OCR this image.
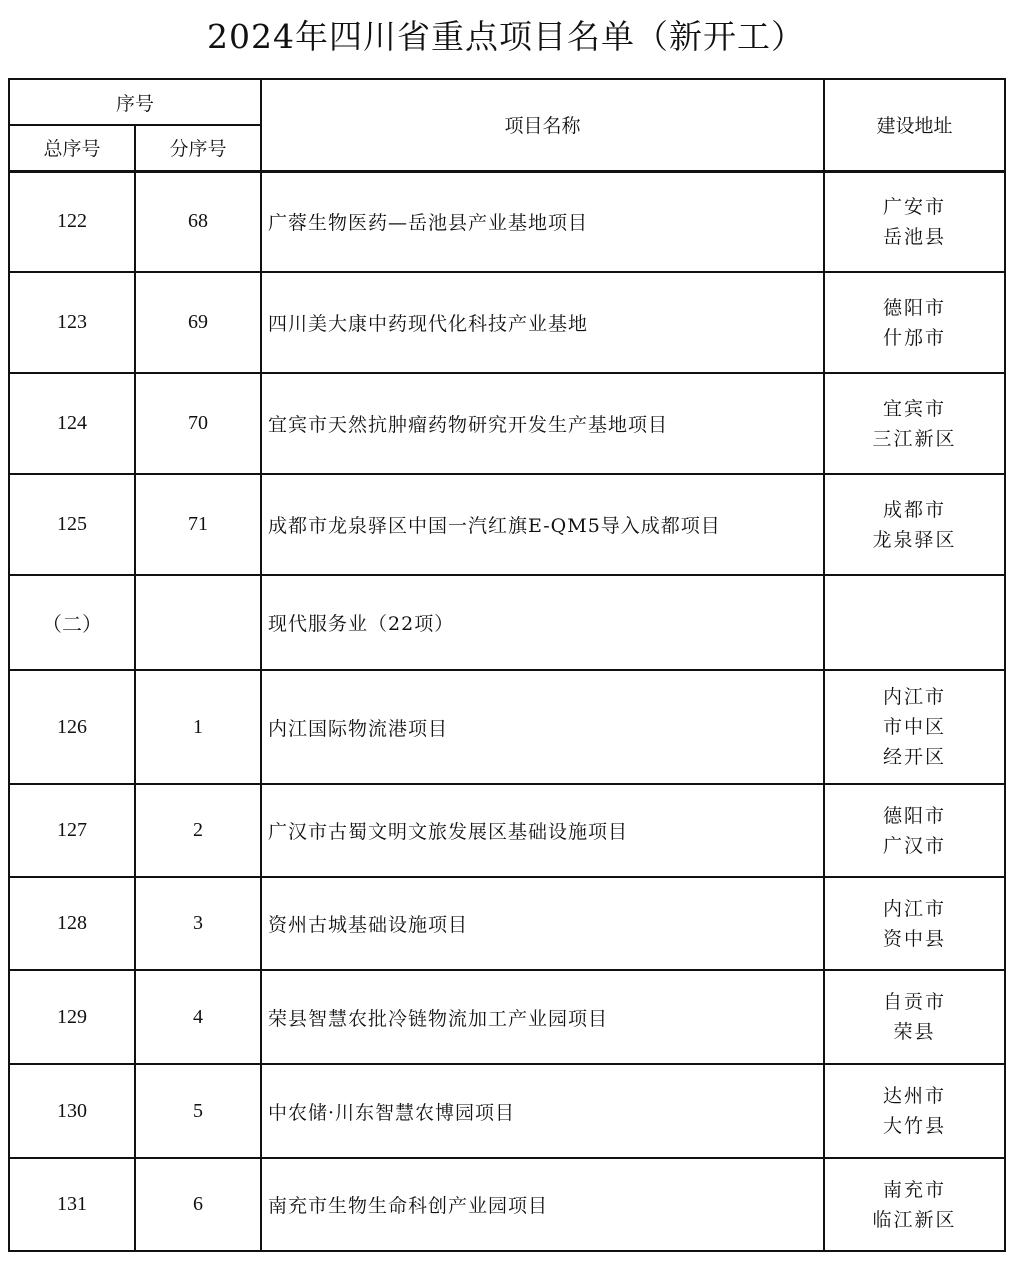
2024年四川省重点项目名单（新开工）
序号		项目名称	建设地址
总序号	分序号		
122	68	广蓉生物医药—岳池县产业基地项目	广安市
岳池县

123	69	四川美大康中药现代化科技产业基地	德阳市
什邡市

124	70	宜宾市天然抗肿瘤药物研究开发生产基地项目	宜宾市
三江新区

125	71	成都市龙泉驿区中国一汽红旗E-QM5导入成都项目	成都市
龙泉驿区

（二）		现代服务业（22项）	
126	1	内江国际物流港项目	内江市
市中区
经开区

127	2	广汉市古蜀文明文旅发展区基础设施项目	德阳市
广汉市

128	3	资州古城基础设施项目	内江市
资中县

129	4	荣县智慧农批冷链物流加工产业园项目	自贡市
荣县

130	5	中农储·川东智慧农博园项目	达州市
大竹县

131	6	南充市生物生命科创产业园项目	南充市
临江新区
